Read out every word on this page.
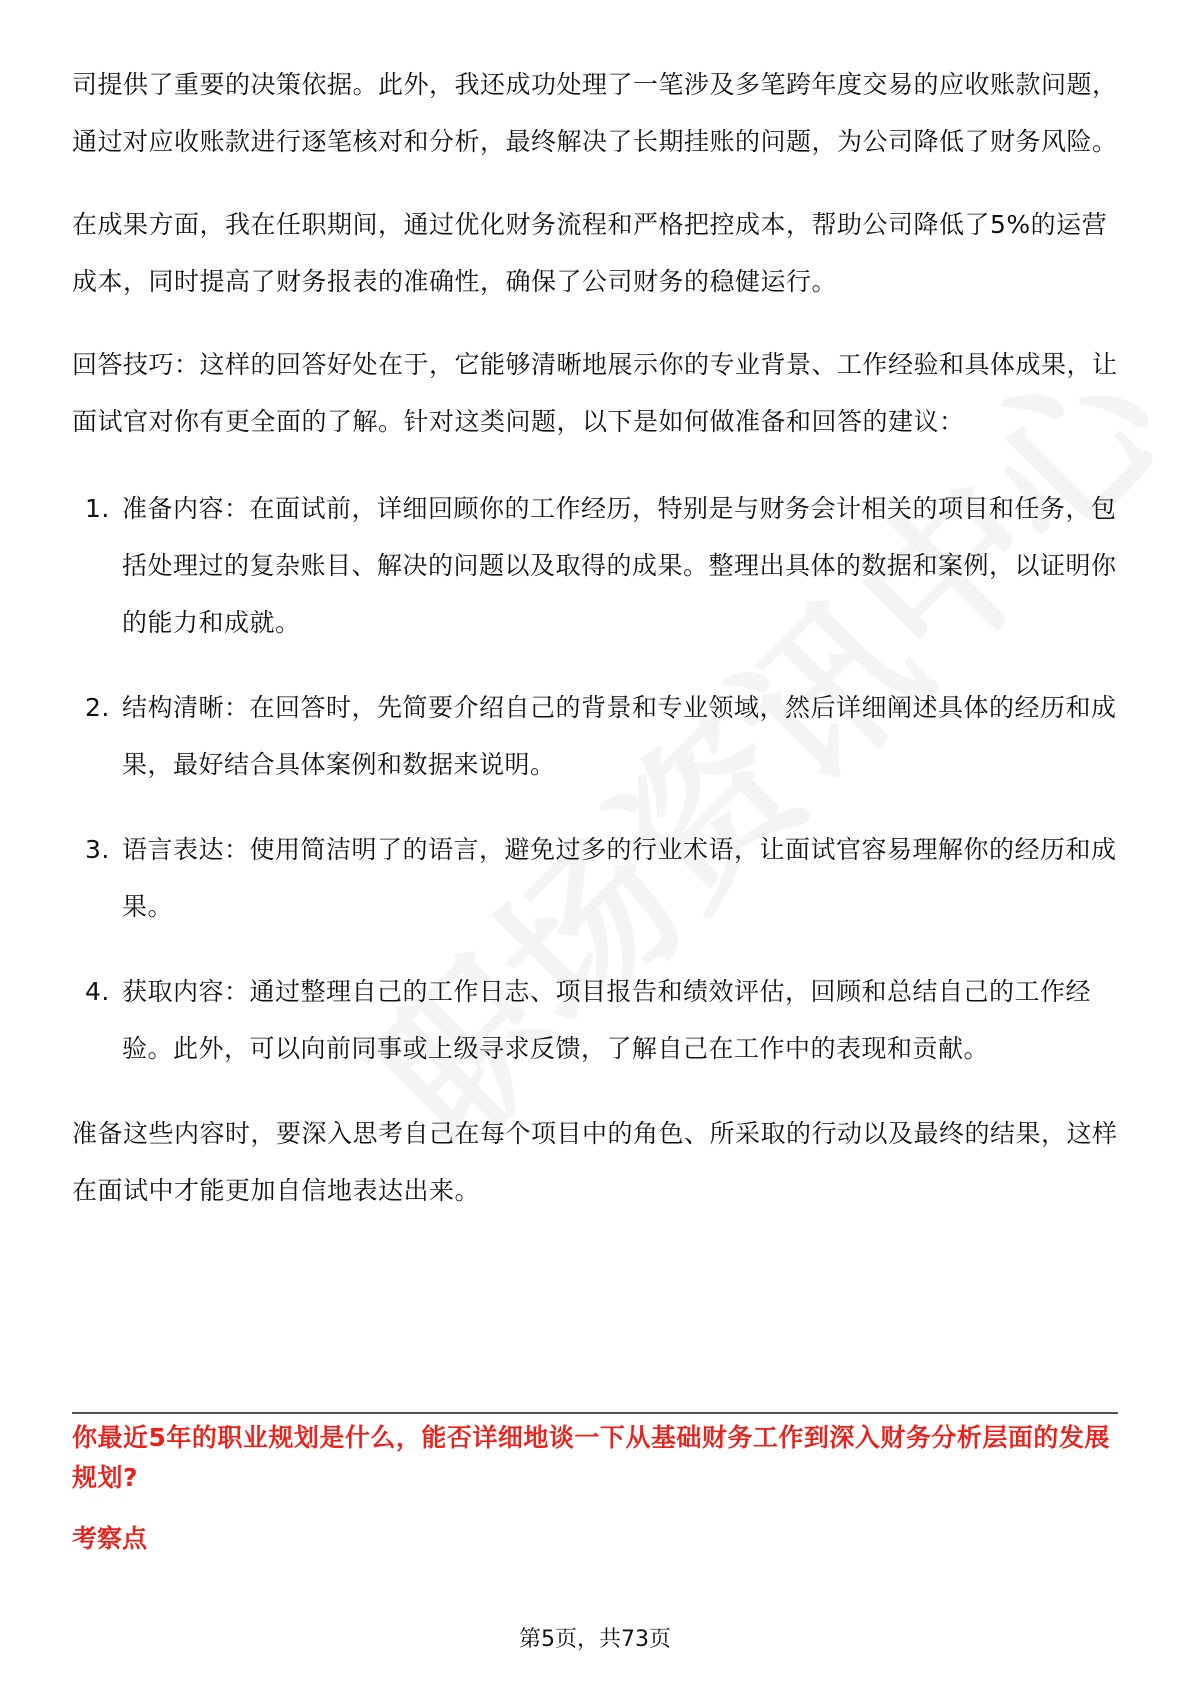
司提供了重要的决策依据。此外，我还成功处理了一笔涉及多笔跨年度交易的应收账款问题，通过对应收账款进行逐笔核对和分析，最终解决了长期挂账的问题，为公司降低了财务风险。

在成果方面，我在任职期间，通过优化财务流程和严格把控成本，帮助公司降低了5%的运营成本，同时提高了财务报表的准确性，确保了公司财务的稳健运行。

回答技巧：这样的回答好处在于，它能够清晰地展示你的专业背景、工作经验和具体成果，让面试官对你有更全面的了解。针对这类问题，以下是如何做准备和回答的建议：

1. 准备内容：在面试前，详细回顾你的工作经历，特别是与财务会计相关的项目和任务，包括处理过的复杂账目、解决的问题以及取得的成果。整理出具体的数据和案例，以证明你的能力和成就。
2. 结构清晰：在回答时，先简要介绍自己的背景和专业领域，然后详细阐述具体的经历和成果，最好结合具体案例和数据来说明。
3. 语言表达：使用简洁明了的语言，避免过多的行业术语，让面试官容易理解你的经历和成果。
4. 获取内容：通过整理自己的工作日志、项目报告和绩效评估，回顾和总结自己的工作经验。此外，可以向前同事或上级寻求反馈，了解自己在工作中的表现和贡献。

准备这些内容时，要深入思考自己在每个项目中的角色、所采取的行动以及最终的结果，这样在面试中才能更加自信地表达出来。

你最近5年的职业规划是什么，能否详细地谈一下从基础财务工作到深入财务分析层面的发展规划?

考察点

第5页，共73页
